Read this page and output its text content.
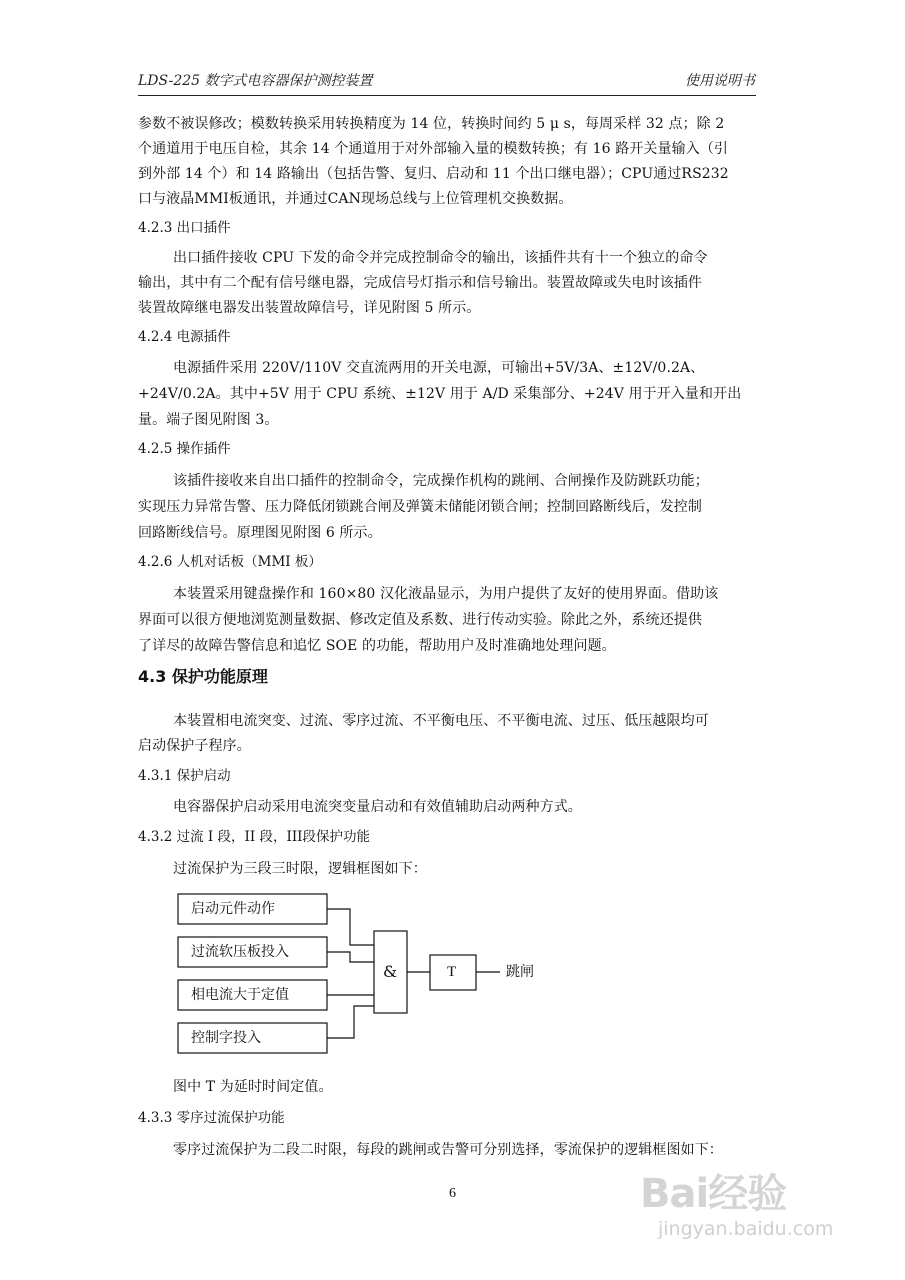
LDS-225 数字式电容器保护测控装置	使用说明书
参数不被误修改；模数转换采用转换精度为 14 位，转换时间约 5 μ s，每周采样 32 点；除 2
个通道用于电压自检，其余 14 个通道用于对外部输入量的模数转换；有 16 路开关量输入（引
到外部 14 个）和 14 路输出（包括告警、复归、启动和 11 个出口继电器）；CPU通过RS232
口与液晶MMI板通讯，并通过CAN现场总线与上位管理机交换数据。
4.2.3 出口插件
出口插件接收 CPU 下发的命令并完成控制命令的输出，该插件共有十一个独立的命令
输出，其中有二个配有信号继电器，完成信号灯指示和信号输出。装置故障或失电时该插件
装置故障继电器发出装置故障信号，详见附图 5 所示。
4.2.4 电源插件
电源插件采用 220V/110V 交直流两用的开关电源，可输出+5V/3A、±12V/0.2A、
+24V/0.2A。其中+5V 用于 CPU 系统、±12V 用于 A/D 采集部分、+24V 用于开入量和开出
量。端子图见附图 3。
4.2.5 操作插件
该插件接收来自出口插件的控制命令，完成操作机构的跳闸、合闸操作及防跳跃功能；
实现压力异常告警、压力降低闭锁跳合闸及弹簧未储能闭锁合闸；控制回路断线后，发控制
回路断线信号。原理图见附图 6 所示。
4.2.6 人机对话板（MMI 板）
本装置采用键盘操作和 160×80 汉化液晶显示，为用户提供了友好的使用界面。借助该
界面可以很方便地浏览测量数据、修改定值及系数、进行传动实验。除此之外，系统还提供
了详尽的故障告警信息和追忆 SOE 的功能，帮助用户及时准确地处理问题。
4.3 保护功能原理
本装置相电流突变、过流、零序过流、不平衡电压、不平衡电流、过压、低压越限均可
启动保护子程序。
4.3.1 保护启动
电容器保护启动采用电流突变量启动和有效值辅助启动两种方式。
4.3.2 过流 I 段，II 段，III段保护功能
过流保护为三段三时限，逻辑框图如下：
启动元件动作
过流软压板投入
相电流大于定值
控制字投入
&	T	跳闸
图中 T 为延时时间定值。
4.3.3 零序过流保护功能
零序过流保护为二段二时限，每段的跳闸或告警可分别选择，零流保护的逻辑框图如下：
6	Bai经验
jingyan.baidu.com
